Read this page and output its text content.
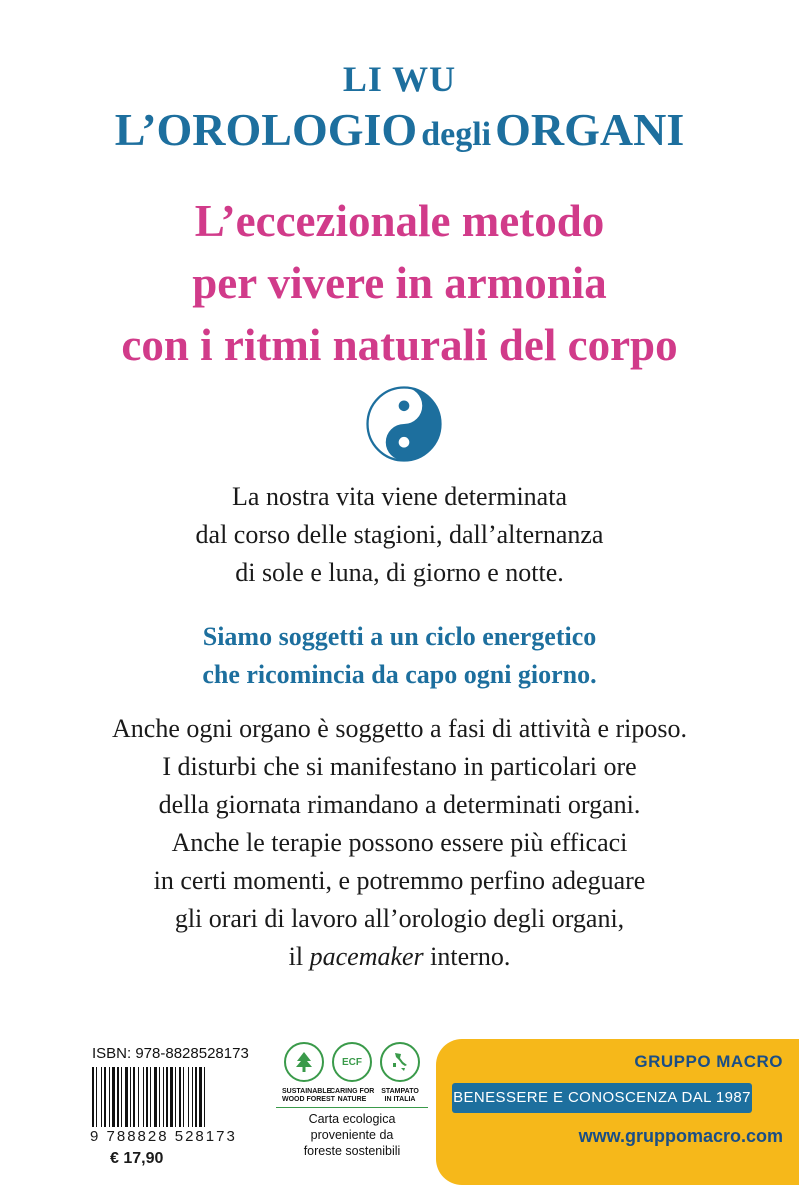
LI WU
L’OROLOGIO degli ORGANI
L’eccezionale metodo
per vivere in armonia
con i ritmi naturali del corpo
La nostra vita viene determinata
dal corso delle stagioni, dall’alternanza
di sole e luna, di giorno e notte.
Siamo soggetti a un ciclo energetico
che ricomincia da capo ogni giorno.
Anche ogni organo è soggetto a fasi di attività e riposo.
I disturbi che si manifestano in particolari ore
della giornata rimandano a determinati organi.
Anche le terapie possono essere più efficaci
in certi momenti, e potremmo perfino adeguare
gli orari di lavoro all’orologio degli organi,
il pacemaker interno.
ISBN: 978-8828528173
9 788828 528173
€ 17,90
SUSTAINABLE
WOOD FOREST
ECF
CARING FOR
NATURE
STAMPATO
IN ITALIA
Carta ecologica
proveniente da
foreste sostenibili
GRUPPO MACRO
BENESSERE E CONOSCENZA DAL 1987
www.gruppomacro.com
